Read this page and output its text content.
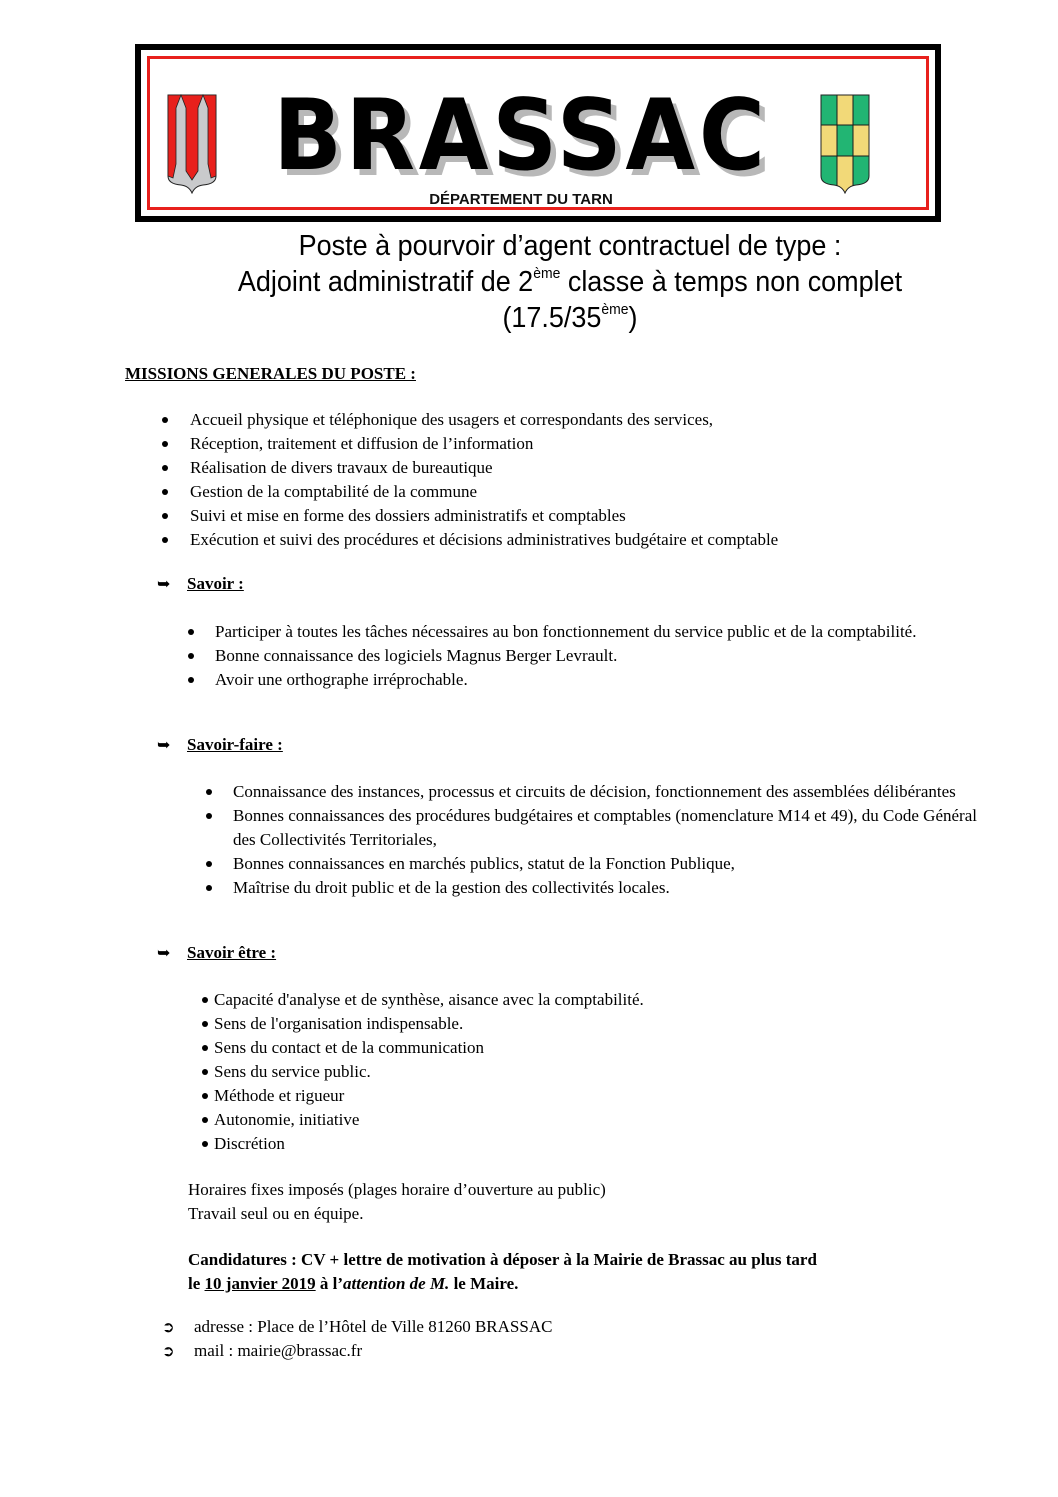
BRASSAC
DÉPARTEMENT DU TARN
Poste à pourvoir d’agent contractuel de type :
Adjoint administratif de 2ème classe à temps non complet
(17.5/35ème)
MISSIONS GENERALES DU POSTE :
Accueil physique et téléphonique des usagers et correspondants des services,
Réception, traitement et diffusion de l’information
Réalisation de divers travaux de bureautique
Gestion de la comptabilité de la commune
Suivi et mise en forme des dossiers administratifs et comptables
Exécution et suivi des procédures et décisions administratives budgétaire et comptable
➥ Savoir :
Participer à toutes les tâches nécessaires au bon fonctionnement du service public et de la comptabilité.
Bonne connaissance des logiciels Magnus Berger Levrault.
Avoir une orthographe irréprochable.
➥ Savoir-faire :
Connaissance des instances, processus et circuits de décision, fonctionnement des assemblées délibérantes
Bonnes connaissances des procédures budgétaires et comptables (nomenclature M14 et 49), du Code Général des Collectivités Territoriales,
Bonnes connaissances en marchés publics, statut de la Fonction Publique,
Maîtrise du droit public et de la gestion des collectivités locales.
➥ Savoir être :
Capacité d'analyse et de synthèse, aisance avec la comptabilité.
Sens de l'organisation indispensable.
Sens du contact et de la communication
Sens du service public.
Méthode et rigueur
Autonomie, initiative
Discrétion
Horaires fixes imposés (plages horaire d’ouverture au public)
Travail seul ou en équipe.
Candidatures : CV + lettre de motivation à déposer à la Mairie de Brassac au plus tard
le 10 janvier 2019 à l’attention de M. le Maire.
➲ adresse : Place de l’Hôtel de Ville 81260 BRASSAC
➲ mail : mairie@brassac.fr
